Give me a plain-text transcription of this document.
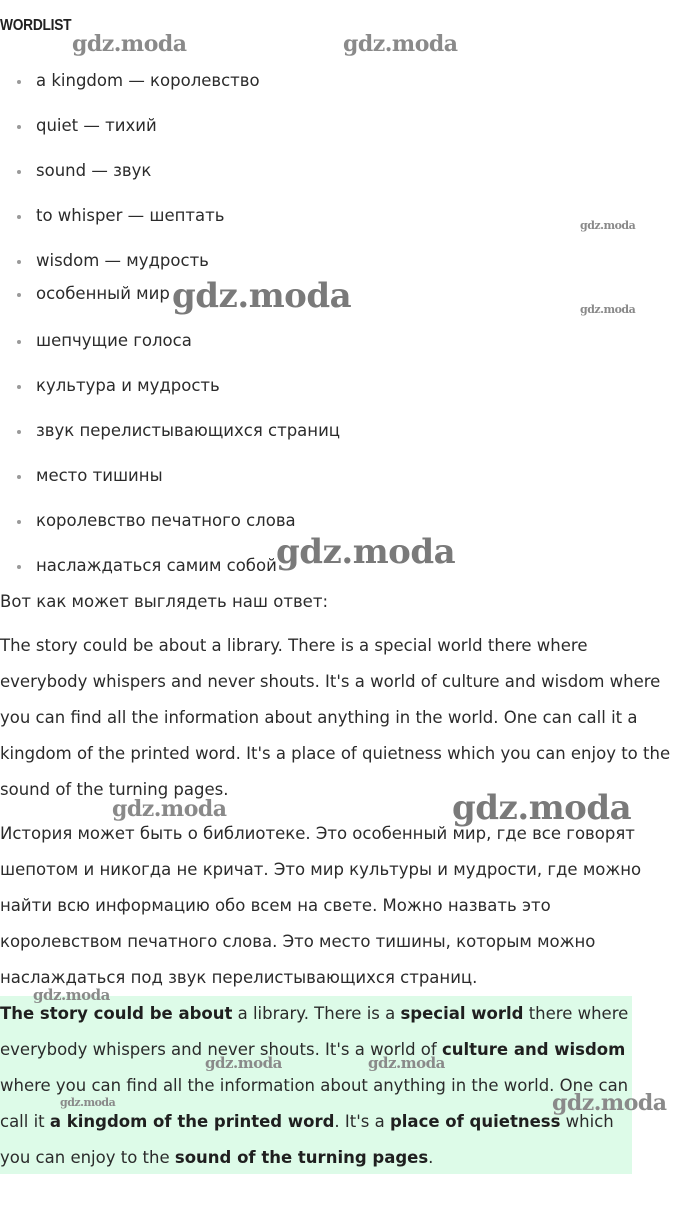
WORDLIST
a kingdom — королевство
quiet — тихий
sound — звук
to whisper — шептать
wisdom — мудрость
особенный мир
шепчущие голоса
культура и мудрость
звук перелистывающихся страниц
место тишины
королевство печатного слова
наслаждаться самим собой

Вот как может выглядеть наш ответ:

The story could be about a library. There is a special world there where everybody whispers and never shouts. It's a world of culture and wisdom where you can find all the information about anything in the world. One can call it a kingdom of the printed word. It's a place of quietness which you can enjoy to the sound of the turning pages.

История может быть о библиотеке. Это особенный мир, где все говорят шепотом и никогда не кричат. Это мир культуры и мудрости, где можно найти всю информацию обо всем на свете. Можно назвать это королевством печатного слова. Это место тишины, которым можно наслаждаться под звук перелистывающихся страниц.

The story could be about a library. There is a special world there where everybody whispers and never shouts. It's a world of culture and wisdom where you can find all the information about anything in the world. One can call it a kingdom of the printed word. It's a place of quietness which you can enjoy to the sound of the turning pages.

gdz.moda	gdz.moda
gdz.moda
gdz.moda	gdz.moda
gdz.moda
gdz.moda	gdz.moda
gdz.moda
gdz.moda	gdz.moda
gdz.moda	gdz.moda
